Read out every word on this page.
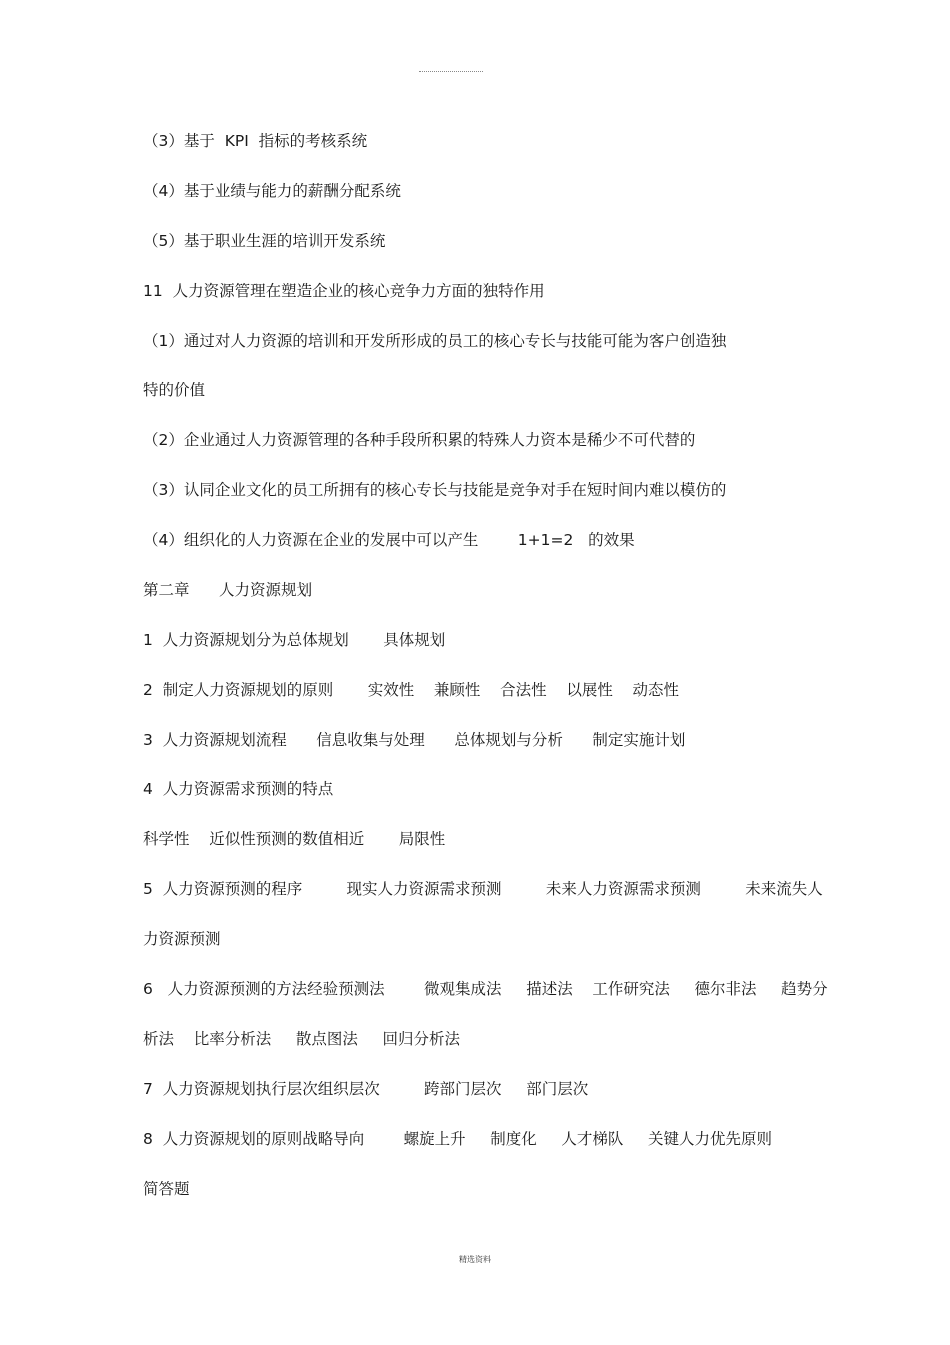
（3）基于  KPI  指标的考核系统
（4）基于业绩与能力的薪酬分配系统
（5）基于职业生涯的培训开发系统
11  人力资源管理在塑造企业的核心竞争力方面的独特作用
（1）通过对人力资源的培训和开发所形成的员工的核心专长与技能可能为客户创造独
特的价值
（2）企业通过人力资源管理的各种手段所积累的特殊人力资本是稀少不可代替的
（3）认同企业文化的员工所拥有的核心专长与技能是竞争对手在短时间内难以模仿的
（4）组织化的人力资源在企业的发展中可以产生        1+1=2   的效果
第二章      人力资源规划
1  人力资源规划分为总体规划       具体规划
2  制定人力资源规划的原则       实效性    兼顾性    合法性    以展性    动态性
3  人力资源规划流程      信息收集与处理      总体规划与分析      制定实施计划
4  人力资源需求预测的特点
科学性    近似性预测的数值相近       局限性
5  人力资源预测的程序         现实人力资源需求预测         未来人力资源需求预测         未来流失人
力资源预测
6   人力资源预测的方法经验预测法        微观集成法     描述法    工作研究法     德尔非法     趋势分
析法    比率分析法     散点图法     回归分析法
7  人力资源规划执行层次组织层次         跨部门层次     部门层次
8  人力资源规划的原则战略导向        螺旋上升     制度化     人才梯队     关键人力优先原则
简答题
精选资料
